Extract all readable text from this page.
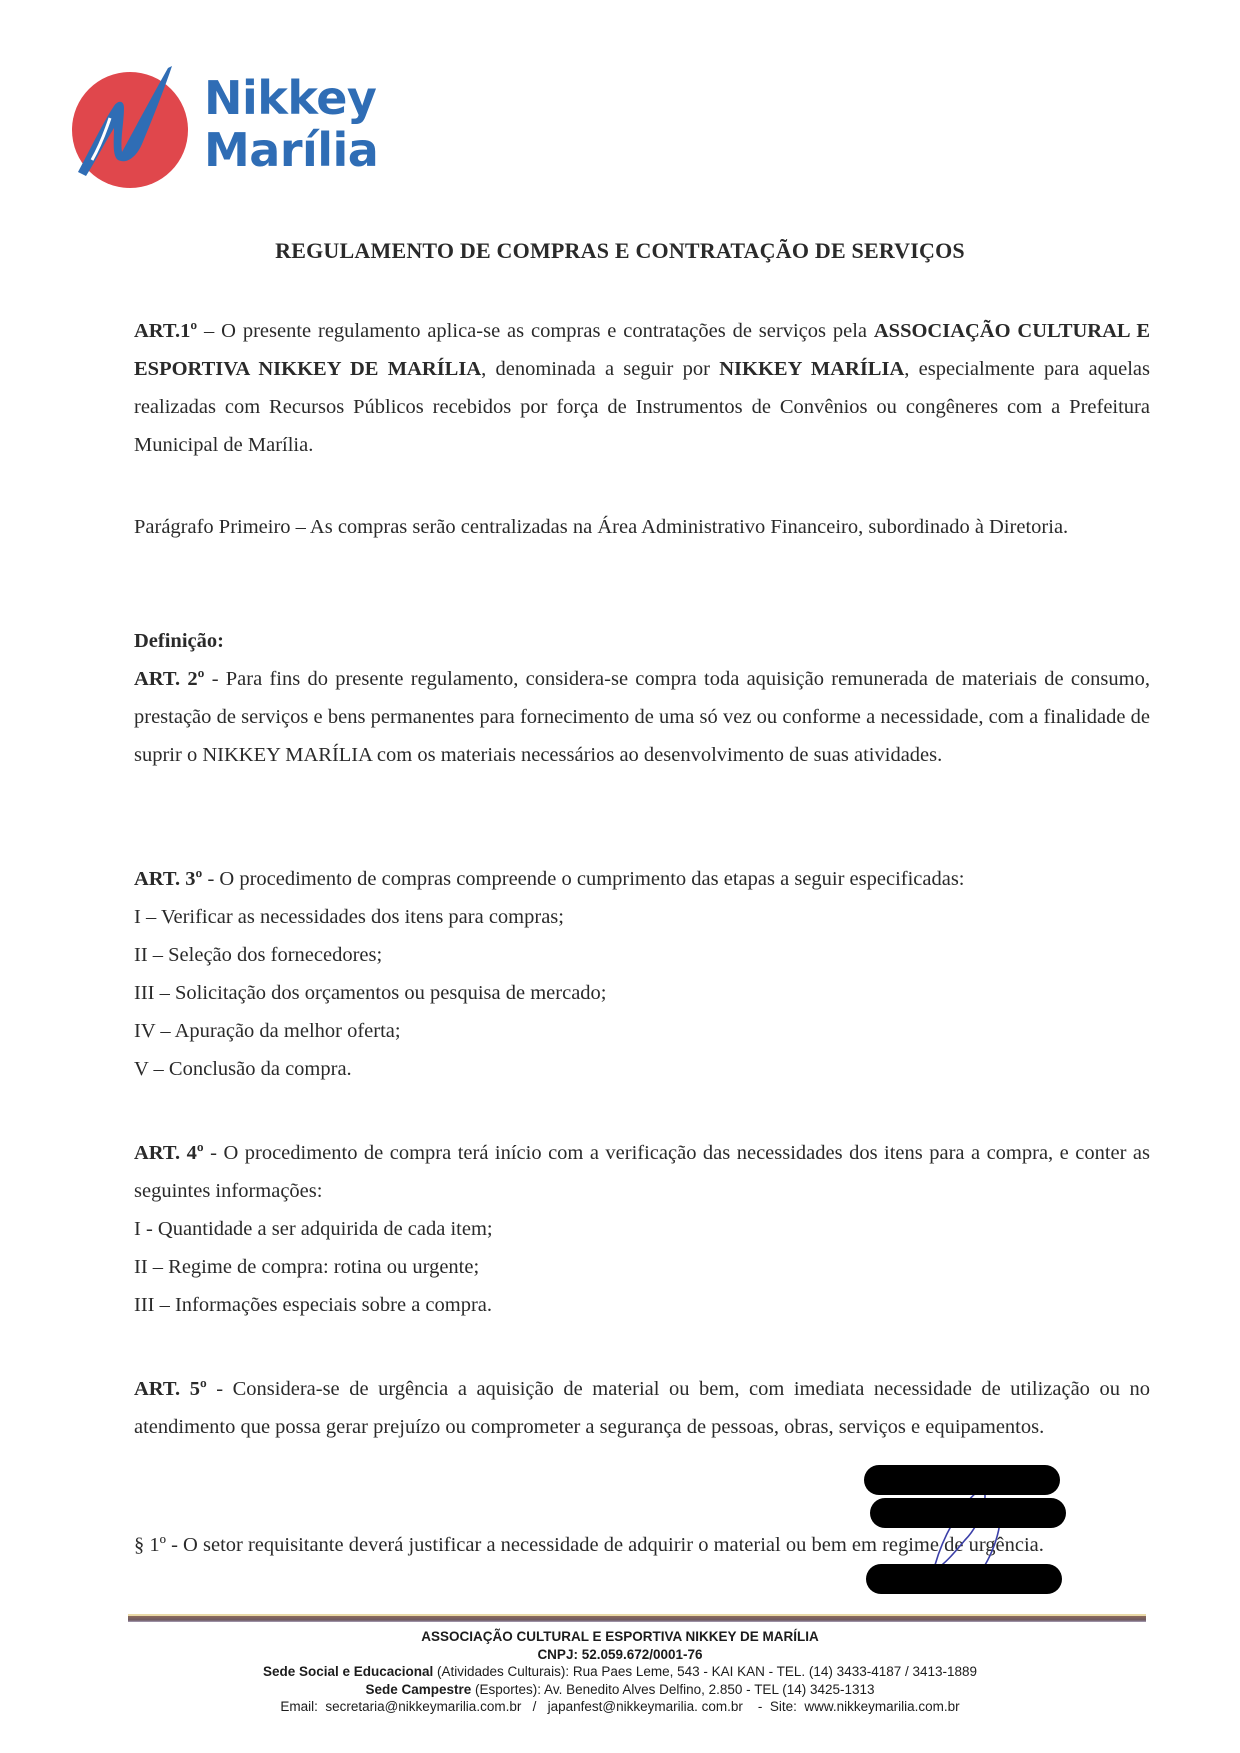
Nikkey
Marília
REGULAMENTO DE COMPRAS E CONTRATAÇÃO DE SERVIÇOS

ART.1º – O presente regulamento aplica-se as compras e contratações de serviços pela ASSOCIAÇÃO CULTURAL E ESPORTIVA NIKKEY DE MARÍLIA, denominada a seguir por NIKKEY MARÍLIA, especialmente para aquelas realizadas com Recursos Públicos recebidos por força de Instrumentos de Convênios ou congêneres com a Prefeitura Municipal de Marília.

Parágrafo Primeiro – As compras serão centralizadas na Área Administrativo Financeiro, subordinado à Diretoria.

Definição:

ART. 2º - Para fins do presente regulamento, considera-se compra toda aquisição remunerada de materiais de consumo, prestação de serviços e bens permanentes para fornecimento de uma só vez ou conforme a necessidade, com a finalidade de suprir o NIKKEY MARÍLIA com os materiais necessários ao desenvolvimento de suas atividades.

ART. 3º - O procedimento de compras compreende o cumprimento das etapas a seguir especificadas:

I – Verificar as necessidades dos itens para compras;

II – Seleção dos fornecedores;

III – Solicitação dos orçamentos ou pesquisa de mercado;

IV – Apuração da melhor oferta;

V – Conclusão da compra.

ART. 4º - O procedimento de compra terá início com a verificação das necessidades dos itens para a compra, e conter as seguintes informações:

I - Quantidade a ser adquirida de cada item;

II – Regime de compra: rotina ou urgente;

III – Informações especiais sobre a compra.

ART. 5º - Considera-se de urgência a aquisição de material ou bem, com imediata necessidade de utilização ou no atendimento que possa gerar prejuízo ou comprometer a segurança de pessoas, obras, serviços e equipamentos.

§ 1º - O setor requisitante deverá justificar a necessidade de adquirir o material ou bem em regime de urgência.

ASSOCIAÇÃO CULTURAL E ESPORTIVA NIKKEY DE MARÍLIA
CNPJ: 52.059.672/0001-76
Sede Social e Educacional (Atividades Culturais): Rua Paes Leme, 543 - KAI KAN - TEL. (14) 3433-4187 / 3413-1889
Sede Campestre (Esportes): Av. Benedito Alves Delfino, 2.850 - TEL (14) 3425-1313
Email:  secretaria@nikkeymarilia.com.br   /   japanfest@nikkeymarilia. com.br    -  Site:  www.nikkeymarilia.com.br
